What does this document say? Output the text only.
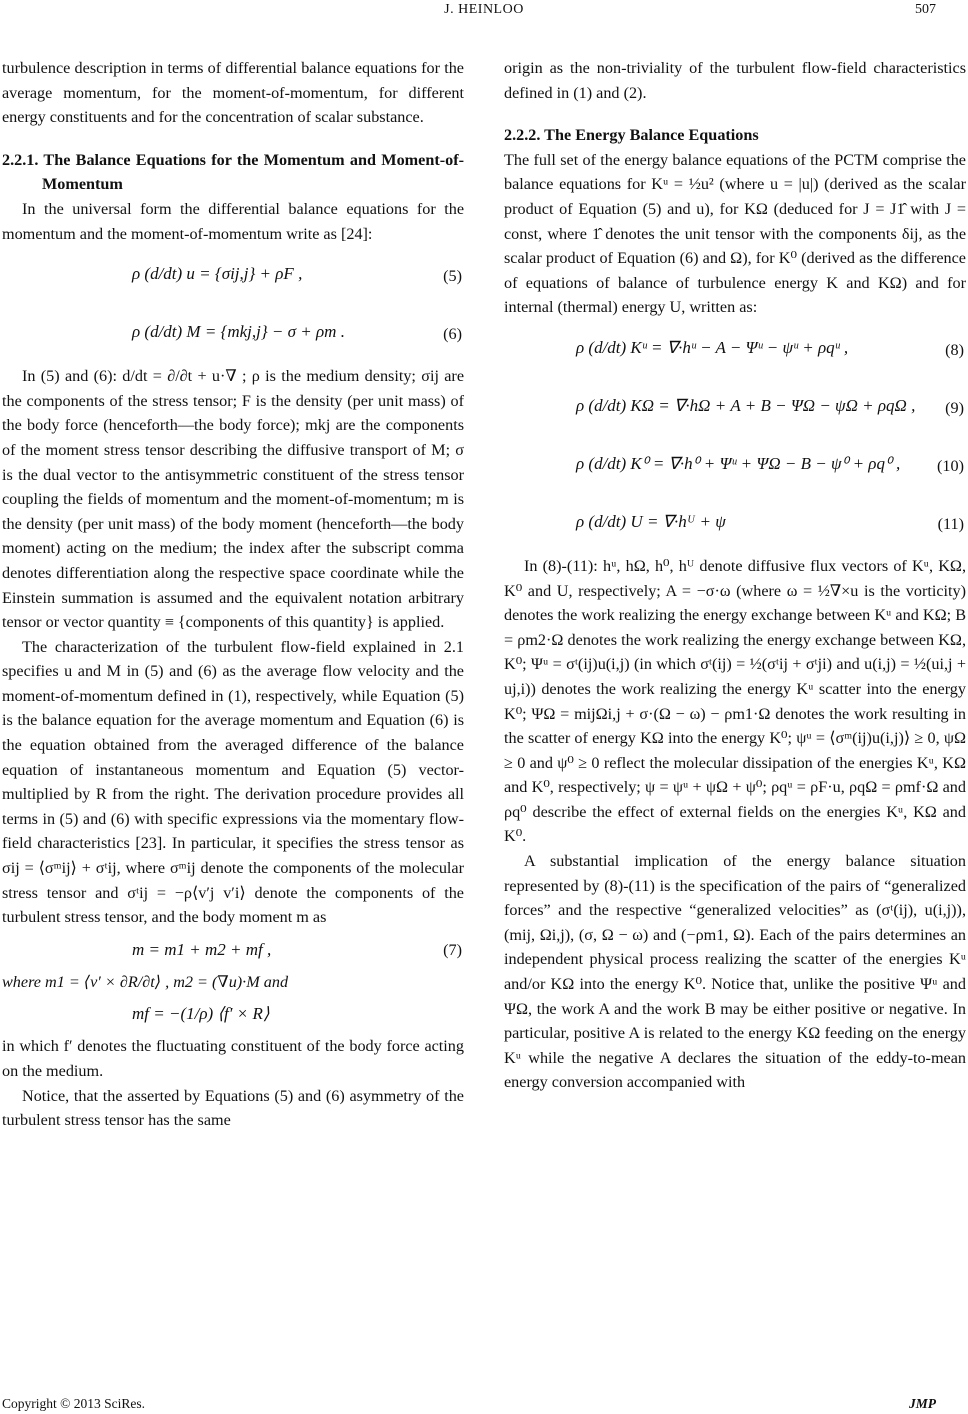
J. HEINLOO	507

turbulence description in terms of differential balance equations for the average momentum, for the moment-of-momentum, for different energy constituents and for the concentration of scalar substance.

2.2.1. The Balance Equations for the Momentum and Moment-of-Momentum

In the universal form the differential balance equations for the momentum and the moment-of-momentum write as [24]:

ρ (d/dt) u = {σij,j} + ρF ,	(5)
ρ (d/dt) M = {mkj,j} − σ + ρm .	(6)

In (5) and (6): d/dt = ∂/∂t + u·∇ ; ρ is the medium density; σij are the components of the stress tensor; F is the density (per unit mass) of the body force (henceforth—the body force); mkj are the components of the moment stress tensor describing the diffusive transport of M; σ is the dual vector to the antisymmetric constituent of the stress tensor coupling the fields of momentum and the moment-of-momentum; m is the density (per unit mass) of the body moment (henceforth—the body moment) acting on the medium; the index after the subscript comma denotes differentiation along the respective space coordinate while the Einstein summation is assumed and the equivalent notation arbitrary tensor or vector quantity ≡ {components of this quantity} is applied.

The characterization of the turbulent flow-field explained in 2.1 specifies u and M in (5) and (6) as the average flow velocity and the moment-of-momentum defined in (1), respectively, while Equation (5) is the balance equation for the average momentum and Equation (6) is the equation obtained from the averaged difference of the balance equation of instantaneous momentum and Equation (5) vector-multiplied by R from the right. The derivation procedure provides all terms in (5) and (6) with specific expressions via the momentary flow-field characteristics [23]. In particular, it specifies the stress tensor as σij = ⟨σᵐij⟩ + σᵗij, where σᵐij denote the components of the molecular stress tensor and σᵗij = −ρ⟨v′j v′i⟩ denote the components of the turbulent stress tensor, and the body moment m as

m = m1 + m2 + mf ,	(7)

where m1 = ⟨v′ × ∂R/∂t⟩ , m2 = (∇u)·M and

mf = −(1/ρ) ⟨f′ × R⟩

in which f′ denotes the fluctuating constituent of the body force acting on the medium.

Notice, that the asserted by Equations (5) and (6) asymmetry of the turbulent stress tensor has the same

origin as the non-triviality of the turbulent flow-field characteristics defined in (1) and (2).

2.2.2. The Energy Balance Equations

The full set of the energy balance equations of the PCTM comprise the balance equations for Kᵘ = ½u² (where u = |u|) (derived as the scalar product of Equation (5) and u), for KΩ (deduced for J = J1̂ with J = const, where 1̂ denotes the unit tensor with the components δij, as the scalar product of Equation (6) and Ω), for K⁰ (derived as the difference of equations of balance of turbulence energy K and KΩ) and for internal (thermal) energy U, written as:

ρ (d/dt) Kᵘ = ∇·hᵘ − A − Ψᵘ − ψᵘ + ρqᵘ ,	(8)
ρ (d/dt) KΩ = ∇·hΩ + A + B − ΨΩ − ψΩ + ρqΩ , (9)
ρ (d/dt) K⁰ = ∇·h⁰ + Ψᵘ + ΨΩ − B − ψ⁰ + ρq⁰ , (10)
ρ (d/dt) U = ∇·hᵁ + ψ	(11)

In (8)-(11): hᵘ, hΩ, h⁰, hᵁ denote diffusive flux vectors of Kᵘ, KΩ, K⁰ and U, respectively; A = −σ·ω (where ω = ½∇×u is the vorticity) denotes the work realizing the energy exchange between Kᵘ and KΩ; B = ρm2·Ω denotes the work realizing the energy exchange between KΩ, K⁰; Ψᵘ = σᵗ(ij)u(i,j) (in which σᵗ(ij) = ½(σᵗij + σᵗji) and u(i,j) = ½(ui,j + uj,i)) denotes the work realizing the energy Kᵘ scatter into the energy K⁰; ΨΩ = mijΩi,j + σ·(Ω − ω) − ρm1·Ω denotes the work resulting in the scatter of energy KΩ into the energy K⁰; ψᵘ = ⟨σᵐ(ij)u(i,j)⟩ ≥ 0, ψΩ ≥ 0 and ψ⁰ ≥ 0 reflect the molecular dissipation of the energies Kᵘ, KΩ and K⁰, respectively; ψ = ψᵘ + ψΩ + ψ⁰; ρqᵘ = ρF·u, ρqΩ = ρmf·Ω and ρq⁰ describe the effect of external fields on the energies Kᵘ, KΩ and K⁰.

A substantial implication of the energy balance situation represented by (8)-(11) is the specification of the pairs of “generalized forces” and the respective “generalized velocities” as (σᵗ(ij), u(i,j)), (mij, Ωi,j), (σ, Ω − ω) and (−ρm1, Ω). Each of the pairs determines an independent physical process realizing the scatter of the energies Kᵘ and/or KΩ into the energy K⁰. Notice that, unlike the positive Ψᵘ and ΨΩ, the work A and the work B may be either positive or negative. In particular, positive A is related to the energy KΩ feeding on the energy Kᵘ while the negative A declares the situation of the eddy-to-mean energy conversion accompanied with

Copyright © 2013 SciRes.	JMP
